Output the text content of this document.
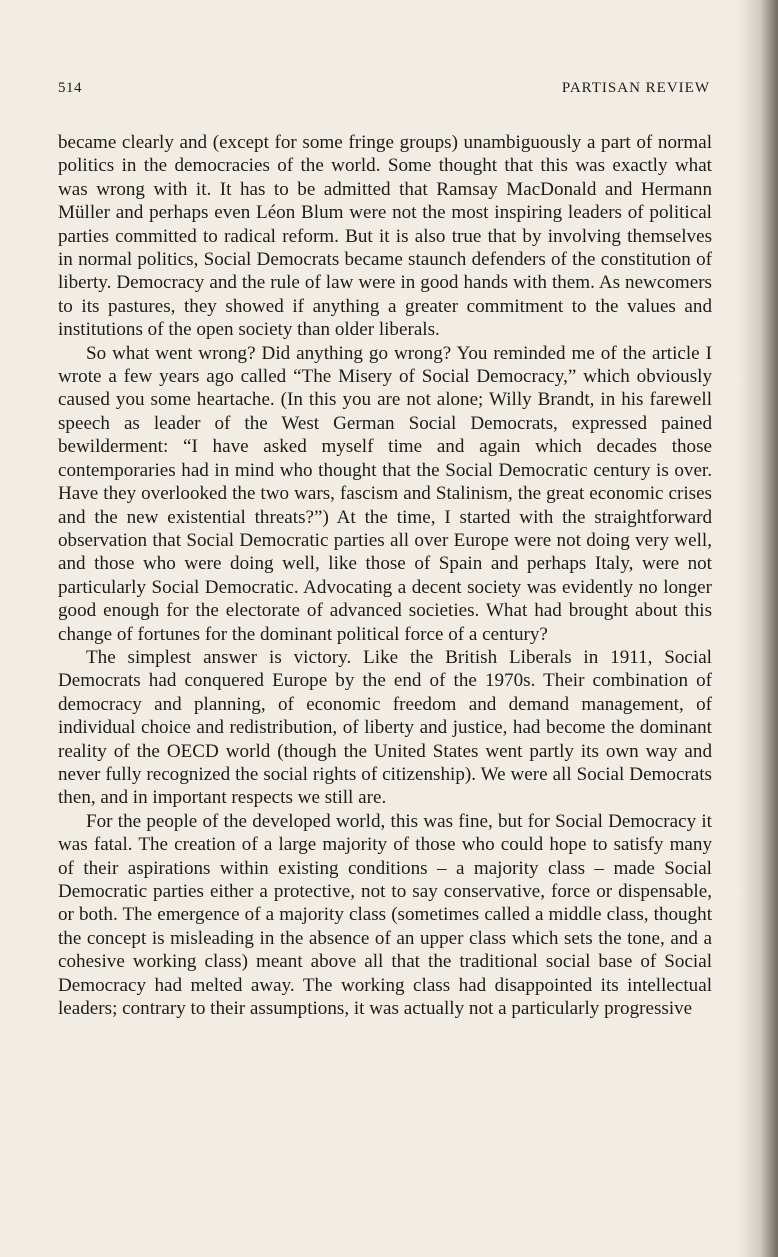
514	PARTISAN REVIEW

became clearly and (except for some fringe groups) unambiguously a part of normal politics in the democracies of the world. Some thought that this was exactly what was wrong with it. It has to be admitted that Ramsay MacDonald and Hermann Müller and perhaps even Léon Blum were not the most inspiring leaders of political parties committed to radical reform. But it is also true that by involving themselves in normal politics, Social Democrats became staunch defenders of the constitution of liberty. Democracy and the rule of law were in good hands with them. As newcomers to its pastures, they showed if anything a greater commitment to the values and institutions of the open society than older liberals.

So what went wrong? Did anything go wrong? You reminded me of the article I wrote a few years ago called “The Misery of Social Democracy,” which obviously caused you some heartache. (In this you are not alone; Willy Brandt, in his farewell speech as leader of the West German Social Democrats, expressed pained bewilderment: “I have asked myself time and again which decades those contemporaries had in mind who thought that the Social Democratic century is over. Have they overlooked the two wars, fascism and Stalinism, the great economic crises and the new existential threats?”) At the time, I started with the straightforward observation that Social Democratic parties all over Europe were not doing very well, and those who were doing well, like those of Spain and perhaps Italy, were not particularly Social Democratic. Advocating a decent society was evidently no longer good enough for the electorate of advanced societies. What had brought about this change of fortunes for the dominant political force of a century?

The simplest answer is victory. Like the British Liberals in 1911, Social Democrats had conquered Europe by the end of the 1970s. Their combination of democracy and planning, of economic freedom and demand management, of individual choice and redistribution, of liberty and justice, had become the dominant reality of the OECD world (though the United States went partly its own way and never fully recognized the social rights of citizenship). We were all Social Democrats then, and in important respects we still are.

For the people of the developed world, this was fine, but for Social Democracy it was fatal. The creation of a large majority of those who could hope to satisfy many of their aspirations within existing conditions – a majority class – made Social Democratic parties either a protective, not to say conservative, force or dispensable, or both. The emergence of a majority class (sometimes called a middle class, thought the concept is misleading in the absence of an upper class which sets the tone, and a cohesive working class) meant above all that the traditional social base of Social Democracy had melted away. The working class had disappointed its intellectual leaders; contrary to their assumptions, it was actually not a particularly progressive
